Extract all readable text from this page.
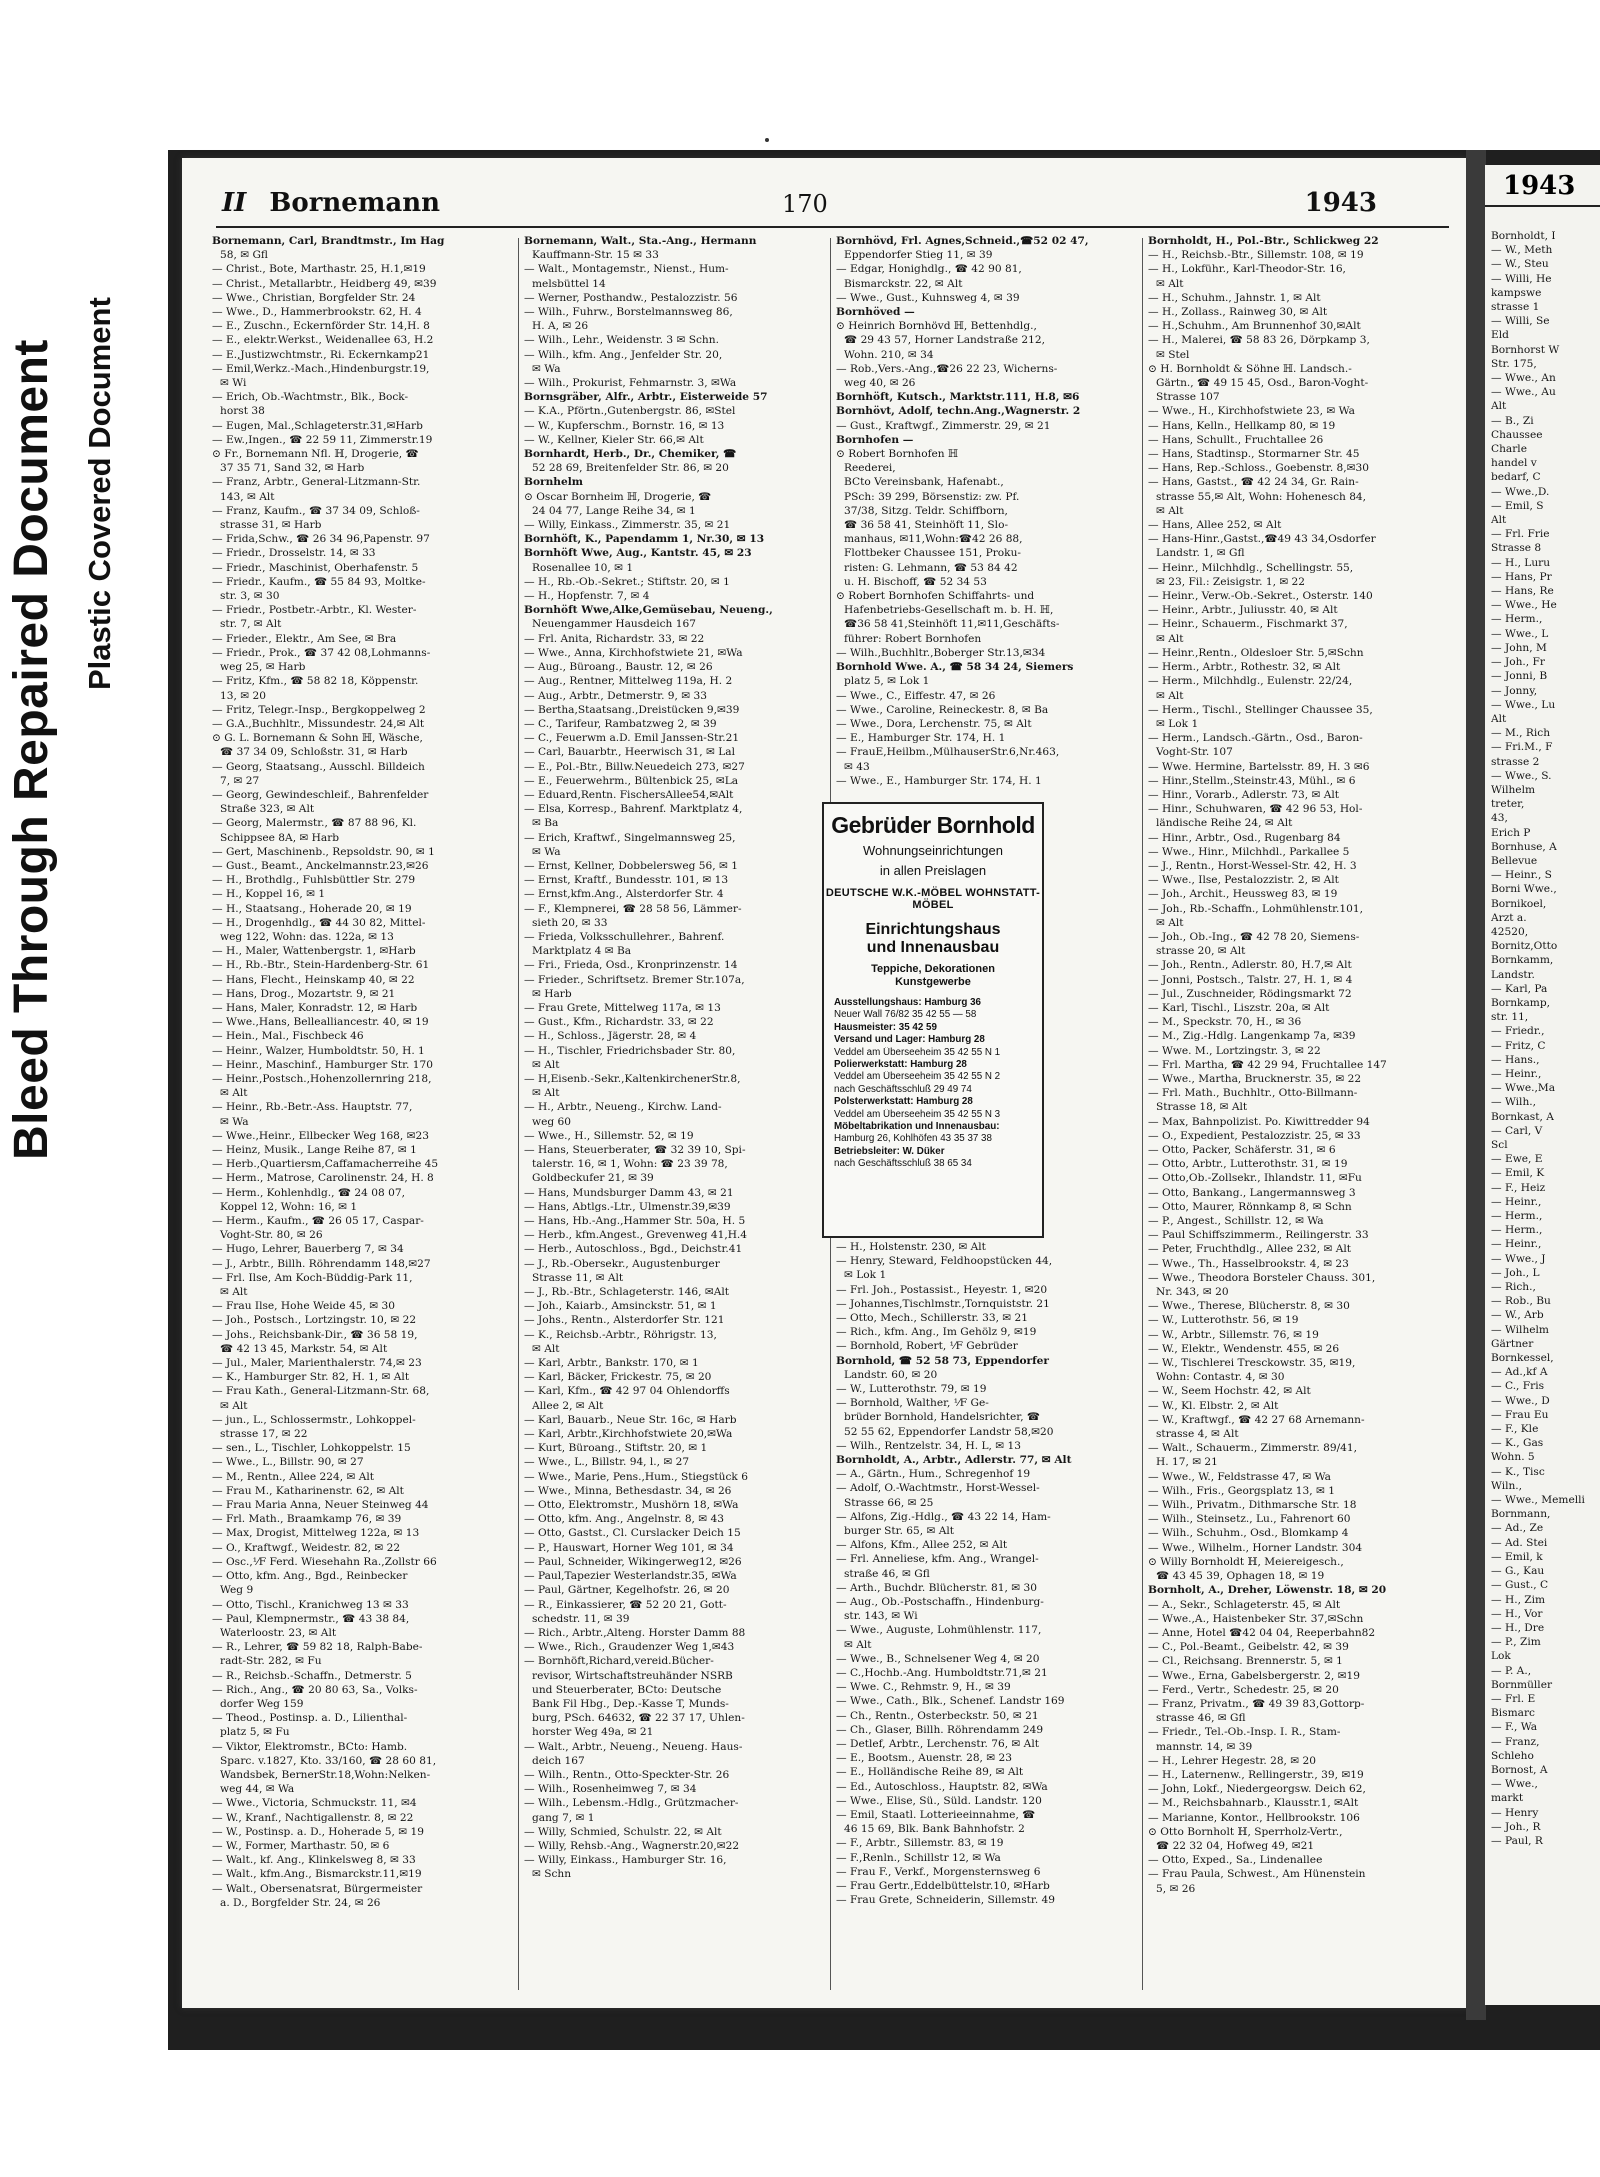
Bleed Through Repaired Document Plastic Covered Document
II Bornemann	170	1943
Bornemann, Carl, Brandtmstr., Im Hag
58, ✉ Gfl
— Christ., Bote, Marthastr. 25, H.1,✉19
— Christ., Metallarbtr., Heidberg 49, ✉39
— Wwe., Christian, Borgfelder Str. 24
— Wwe., D., Hammerbrookstr. 62, H. 4
— E., Zuschn., Eckernförder Str. 14,H. 8
— E., elektr.Werkst., Weidenallee 63, H.2
— E.,Justizwchtmstr., Ri. Eckernkamp21
— Emil,Werkz.-Mach.,Hindenburgstr.19,
✉ Wi
— Erich, Ob.-Wachtmstr., Blk., Bock-
horst 38
— Eugen, Mal.,Schlageterstr.31,✉Harb
— Ew.,Ingen., ☎ 22 59 11, Zimmerstr.19
⊙ Fr., Bornemann Nfl. ℍ, Drogerie, ☎
37 35 71, Sand 32, ✉ Harb
— Franz, Arbtr., General-Litzmann-Str.
143, ✉ Alt
— Franz, Kaufm., ☎ 37 34 09, Schloß-
strasse 31, ✉ Harb
— Frida,Schw., ☎ 26 34 96,Papenstr. 97
— Friedr., Drosselstr. 14, ✉ 33
— Friedr., Maschinist, Oberhafenstr. 5
— Friedr., Kaufm., ☎ 55 84 93, Moltke-
str. 3, ✉ 30
— Friedr., Postbetr.-Arbtr., Kl. Wester-
str. 7, ✉ Alt
— Frieder., Elektr., Am See, ✉ Bra
— Friedr., Prok., ☎ 37 42 08,Lohmanns-
weg 25, ✉ Harb
— Fritz, Kfm., ☎ 58 82 18, Köppenstr.
13, ✉ 20
— Fritz, Telegr.-Insp., Bergkoppelweg 2
— G.A.,Buchhltr., Missundestr. 24,✉ Alt
⊙ G. L. Bornemann & Sohn ℍ, Wäsche,
☎ 37 34 09, Schloßstr. 31, ✉ Harb
— Georg, Staatsang., Ausschl. Billdeich
7, ✉ 27
— Georg, Gewindeschleif., Bahrenfelder
Straße 323, ✉ Alt
— Georg, Malermstr., ☎ 87 88 96, Kl.
Schippsee 8A, ✉ Harb
— Gert, Maschinenb., Repsoldstr. 90, ✉ 1
— Gust., Beamt., Anckelmannstr.23,✉26
— H., Brothdlg., Fuhlsbüttler Str. 279
— H., Koppel 16, ✉ 1
— H., Staatsang., Hoherade 20, ✉ 19
— H., Drogenhdlg., ☎ 44 30 82, Mittel-
weg 122, Wohn: das. 122a, ✉ 13
— H., Maler, Wattenbergstr. 1, ✉Harb
— H., Rb.-Btr., Stein-Hardenberg-Str. 61
— Hans, Flecht., Heinskamp 40, ✉ 22
— Hans, Drog., Mozartstr. 9, ✉ 21
— Hans, Maler, Konradstr. 12, ✉ Harb
— Wwe.,Hans, Bellealliancestr. 40, ✉ 19
— Hein., Mal., Fischbeck 46
— Heinr., Walzer, Humboldtstr. 50, H. 1
— Heinr., Maschinf., Hamburger Str. 170
— Heinr.,Postsch.,Hohenzollernring 218,
✉ Alt
— Heinr., Rb.-Betr.-Ass. Hauptstr. 77,
✉ Wa
— Wwe.,Heinr., Ellbecker Weg 168, ✉23
— Heinz, Musik., Lange Reihe 87, ✉ 1
— Herb.,Quartiersm,Caffamacherreihe 45
— Herm., Matrose, Carolinenstr. 24, H. 8
— Herm., Kohlenhdlg., ☎ 24 08 07,
Koppel 12, Wohn: 16, ✉ 1
— Herm., Kaufm., ☎ 26 05 17, Caspar-
Voght-Str. 80, ✉ 26
— Hugo, Lehrer, Bauerberg 7, ✉ 34
— J., Arbtr., Billh. Röhrendamm 148,✉27
— Frl. Ilse, Am Koch-Büddig-Park 11,
✉ Alt
— Frau Ilse, Hohe Weide 45, ✉ 30
— Joh., Postsch., Lortzingstr. 10, ✉ 22
— Johs., Reichsbank-Dir., ☎ 36 58 19,
☎ 42 13 45, Markstr. 54, ✉ Alt
— Jul., Maler, Marienthalerstr. 74,✉ 23
— K., Hamburger Str. 82, H. 1, ✉ Alt
— Frau Kath., General-Litzmann-Str. 68,
✉ Alt
— jun., L., Schlossermstr., Lohkoppel-
strasse 17, ✉ 22
— sen., L., Tischler, Lohkoppelstr. 15
— Wwe., L., Billstr. 90, ✉ 27
— M., Rentn., Allee 224, ✉ Alt
— Frau M., Katharinenstr. 62, ✉ Alt
— Frau Maria Anna, Neuer Steinweg 44
— Frl. Math., Braamkamp 76, ✉ 39
— Max, Drogist, Mittelweg 122a, ✉ 13
— O., Kraftwgf., Weidestr. 82, ✉ 22
— Osc.,⅟F Ferd. Wiesehahn Ra.,Zollstr 66
— Otto, kfm. Ang., Bgd., Reinbecker
Weg 9
— Otto, Tischl., Kranichweg 13 ✉ 33
— Paul, Klempnermstr., ☎ 43 38 84,
Waterloostr. 23, ✉ Alt
— R., Lehrer, ☎ 59 82 18, Ralph-Babe-
radt-Str. 282, ✉ Fu
— R., Reichsb.-Schaffn., Detmerstr. 5
— Rich., Ang., ☎ 20 80 63, Sa., Volks-
dorfer Weg 159
— Theod., Postinsp. a. D., Lilienthal-
platz 5, ✉ Fu
— Viktor, Elektromstr., BCto: Hamb.
Sparc. v.1827, Kto. 33/160, ☎ 28 60 81,
Wandsbek, BernerStr.18,Wohn:Nelken-
weg 44, ✉ Wa
— Wwe., Victoria, Schmuckstr. 11, ✉4
— W., Kranf., Nachtigallenstr. 8, ✉ 22
— W., Postinsp. a. D., Hoherade 5, ✉ 19
— W., Former, Marthastr. 50, ✉ 6
— Walt., kf. Ang., Klinkelsweg 8, ✉ 33
— Walt., kfm.Ang., Bismarckstr.11,✉19
— Walt., Obersenatsrat, Bürgermeister
a. D., Borgfelder Str. 24, ✉ 26
Bornemann, Walt., Sta.-Ang., Hermann
Kauffmann-Str. 15 ✉ 33
— Walt., Montagemstr., Nienst., Hum-
melsbüttel 14
— Werner, Posthandw., Pestalozzistr. 56
— Wilh., Fuhrw., Borstelmannsweg 86,
H. A, ✉ 26
— Wilh., Lehr., Weidenstr. 3 ✉ Schn.
— Wilh., kfm. Ang., Jenfelder Str. 20,
✉ Wa
— Wilh., Prokurist, Fehmarnstr. 3, ✉Wa
Bornsgräber, Alfr., Arbtr., Eisterweide 57
— K.A., Pförtn.,Gutenbergstr. 86, ✉Stel
— W., Kupferschm., Bornstr. 16, ✉ 13
— W., Kellner, Kieler Str. 66,✉ Alt
Bornhardt, Herb., Dr., Chemiker, ☎
52 28 69, Breitenfelder Str. 86, ✉ 20
Bornhelm
⊙ Oscar Bornheim ℍ, Drogerie, ☎
24 04 77, Lange Reihe 34, ✉ 1
— Willy, Einkass., Zimmerstr. 35, ✉ 21
Bornhöft, K., Papendamm 1, Nr.30, ✉ 13
Bornhöft Wwe, Aug., Kantstr. 45, ✉ 23
Rosenallee 10, ✉ 1
— H., Rb.-Ob.-Sekret.; Stiftstr. 20, ✉ 1
— H., Hopfenstr. 7, ✉ 4
Bornhöft Wwe,Alke,Gemüsebau, Neueng.,
Neuengammer Hausdeich 167
— Frl. Anita, Richardstr. 33, ✉ 22
— Wwe., Anna, Kirchhofstwiete 21, ✉Wa
— Aug., Büroang., Baustr. 12, ✉ 26
— Aug., Rentner, Mittelweg 119a, H. 2
— Aug., Arbtr., Detmerstr. 9, ✉ 33
— Bertha,Staatsang.,Dreistücken 9,✉39
— C., Tarifeur, Rambatzweg 2, ✉ 39
— C., Feuerwm a.D. Emil Janssen-Str.21
— Carl, Bauarbtr., Heerwisch 31, ✉ Lal
— E., Pol.-Btr., Billw.Neuedeich 273, ✉27
— E., Feuerwehrm., Bültenbick 25, ✉La
— Eduard,Rentn. FischersAllee54,✉Alt
— Elsa, Korresp., Bahrenf. Marktplatz 4,
✉ Ba
— Erich, Kraftwf., Singelmannsweg 25,
✉ Wa
— Ernst, Kellner, Dobbelersweg 56, ✉ 1
— Ernst, Kraftf., Bundesstr. 101, ✉ 13
— Ernst,kfm.Ang., Alsterdorfer Str. 4
— F., Klempnerei, ☎ 28 58 56, Lämmer-
sieth 20, ✉ 33
— Frieda, Volksschullehrer., Bahrenf.
Marktplatz 4 ✉ Ba
— Fri., Frieda, Osd., Kronprinzenstr. 14
— Frieder., Schriftsetz. Bremer Str.107a,
✉ Harb
— Frau Grete, Mittelweg 117a, ✉ 13
— Gust., Kfm., Richardstr. 33, ✉ 22
— H., Schloss., Jägerstr. 28, ✉ 4
— H., Tischler, Friedrichsbader Str. 80,
✉ Alt
— H,Eisenb.-Sekr.,KaltenkirchenerStr.8,
✉ Alt
— H., Arbtr., Neueng., Kirchw. Land-
weg 60
— Wwe., H., Sillemstr. 52, ✉ 19
— Hans, Steuerberater, ☎ 32 39 10, Spi-
talerstr. 16, ✉ 1, Wohn: ☎ 23 39 78,
Goldbeckufer 21, ✉ 39
— Hans, Mundsburger Damm 43, ✉ 21
— Hans, Abtlgs.-Ltr., Ulmenstr.39,✉39
— Hans, Hb.-Ang.,Hammer Str. 50a, H. 5
— Herb., kfm.Angest., Grevenweg 41,H.4
— Herb., Autoschloss., Bgd., Deichstr.41
— J., Rb.-Obersekr., Augustenburger
Strasse 11, ✉ Alt
— J., Rb.-Btr., Schlageterstr. 146, ✉Alt
— Joh., Kaiarb., Amsinckstr. 51, ✉ 1
— Johs., Rentn., Alsterdorfer Str. 121
— K., Reichsb.-Arbtr., Röhrigstr. 13,
✉ Alt
— Karl, Arbtr., Bankstr. 170, ✉ 1
— Karl, Bäcker, Frickestr. 75, ✉ 20
— Karl, Kfm., ☎ 42 97 04 Ohlendorffs
Allee 2, ✉ Alt
— Karl, Bauarb., Neue Str. 16c, ✉ Harb
— Karl, Arbtr.,Kirchhofstwiete 20,✉Wa
— Kurt, Büroang., Stiftstr. 20, ✉ 1
— Wwe., L., Billstr. 94, l., ✉ 27
— Wwe., Marie, Pens.,Hum., Stiegstück 6
— Wwe., Minna, Bethesdastr. 34, ✉ 26
— Otto, Elektromstr., Mushörn 18, ✉Wa
— Otto, kfm. Ang., Angelnstr. 8, ✉ 43
— Otto, Gastst., Cl. Curslacker Deich 15
— P., Hauswart, Horner Weg 101, ✉ 34
— Paul, Schneider, Wikingerweg12, ✉26
— Paul,Tapezier Westerlandstr.35, ✉Wa
— Paul, Gärtner, Kegelhofstr. 26, ✉ 20
— R., Einkassierer, ☎ 52 20 21, Gott-
schedstr. 11, ✉ 39
— Rich., Arbtr.,Alteng. Horster Damm 88
— Wwe., Rich., Graudenzer Weg 1,✉43
— Bornhöft,Richard,vereid.Bücher-
revisor, Wirtschaftstreuhänder NSRB
und Steuerberater, BCto: Deutsche
Bank Fil Hbg., Dep.-Kasse T, Munds-
burg, PSch. 64632, ☎ 22 37 17, Uhlen-
horster Weg 49a, ✉ 21
— Walt., Arbtr., Neueng., Neueng. Haus-
deich 167
— Wilh., Rentn., Otto-Speckter-Str. 26
— Wilh., Rosenheimweg 7, ✉ 34
— Wilh., Lebensm.-Hdlg., Grützmacher-
gang 7, ✉ 1
— Willy, Schmied, Schulstr. 22, ✉ Alt
— Willy, Rehsb.-Ang., Wagnerstr.20,✉22
— Willy, Einkass., Hamburger Str. 16,
✉ Schn
Bornhövd, Frl. Agnes,Schneid.,☎52 02 47,
Eppendorfer Stieg 11, ✉ 39
— Edgar, Honighdlg., ☎ 42 90 81,
Bismarckstr. 22, ✉ Alt
— Wwe., Gust., Kuhnsweg 4, ✉ 39
Bornhöved —
⊙ Heinrich Bornhövd ℍ, Bettenhdlg.,
☎ 29 43 57, Horner Landstraße 212,
Wohn. 210, ✉ 34
— Rob.,Vers.-Ang.,☎26 22 23, Wicherns-
weg 40, ✉ 26
Bornhöft, Kutsch., Marktstr.111, H.8, ✉6
Bornhövt, Adolf, techn.Ang.,Wagnerstr. 2
— Gust., Kraftwgf., Zimmerstr. 29, ✉ 21
Bornhofen —
⊙ Robert Bornhofen ℍ
Reederei,
BCto Vereinsbank, Hafenabt.,
PSch: 39 299, Börsenstiz: zw. Pf.
37/38, Sitzg. Teldr. Schiffborn,
☎ 36 58 41, Steinhöft 11, Slo-
manhaus, ✉11,Wohn:☎42 26 88,
Flottbeker Chaussee 151, Proku-
risten: G. Lehmann, ☎ 53 84 42
u. H. Bischoff, ☎ 52 34 53
⊙ Robert Bornhofen Schiffahrts- und
Hafenbetriebs-Gesellschaft m. b. H. ℍ,
☎36 58 41,Steinhöft 11,✉11,Geschäfts-
führer: Robert Bornhofen
— Wilh.,Buchhltr.,Boberger Str.13,✉34
Bornhold Wwe. A., ☎ 58 34 24, Siemers
platz 5, ✉ Lok 1
— Wwe., C., Eiffestr. 47, ✉ 26
— Wwe., Caroline, Reineckestr. 8, ✉ Ba
— Wwe., Dora, Lerchenstr. 75, ✉ Alt
— E., Hamburger Str. 174, H. 1
— FrauE,Heilbm.,MülhauserStr.6,Nr.463,
✉ 43
— Wwe., E., Hamburger Str. 174, H. 1
— H., Holstenstr. 230, ✉ Alt
— Henry, Steward, Feldhoopstücken 44,
✉ Lok 1
— Frl. Joh., Postassist., Heyestr. 1, ✉20
— Johannes,Tischlmstr.,Tornquiststr. 21
— Otto, Mech., Schillerstr. 33, ✉ 21
— Rich., kfm. Ang., Im Gehölz 9, ✉19
— Bornhold, Robert, ⅟F Gebrüder
Bornhold, ☎ 52 58 73, Eppendorfer
Landstr. 60, ✉ 20
— W., Lutterothstr. 79, ✉ 19
— Bornhold, Walther, ⅟F Ge-
brüder Bornhold, Handelsrichter, ☎
52 55 62, Eppendorfer Landstr 58,✉20
— Wilh., Rentzelstr. 34, H. L, ✉ 13
Bornholdt, A., Arbtr., Adlerstr. 77, ✉ Alt
— A., Gärtn., Hum., Schregenhof 19
— Adolf, O.-Wachtmstr., Horst-Wessel-
Strasse 66, ✉ 25
— Alfons, Zig.-Hdlg., ☎ 43 22 14, Ham-
burger Str. 65, ✉ Alt
— Alfons, Kfm., Allee 252, ✉ Alt
— Frl. Anneliese, kfm. Ang., Wrangel-
straße 46, ✉ Gfl
— Arth., Buchdr. Blücherstr. 81, ✉ 30
— Aug., Ob.-Postschaffn., Hindenburg-
str. 143, ✉ Wi
— Wwe., Auguste, Lohmühlenstr. 117,
✉ Alt
— Wwe., B., Schnelsener Weg 4, ✉ 20
— C.,Hochb.-Ang. Humboldtstr.71,✉ 21
— Wwe. C., Rehmstr. 9, H., ✉ 39
— Wwe., Cath., Blk., Schenef. Landstr 169
— Ch., Rentn., Osterbeckstr. 50, ✉ 21
— Ch., Glaser, Billh. Röhrendamm 249
— Detlef, Arbtr., Lerchenstr. 76, ✉ Alt
— E., Bootsm., Auenstr. 28, ✉ 23
— E., Holländische Reihe 89, ✉ Alt
— Ed., Autoschloss., Hauptstr. 82, ✉Wa
— Wwe., Elise, Sü., Süld. Landstr. 120
— Emil, Staatl. Lotterieeinnahme, ☎
46 15 69, Blk. Bank Bahnhofstr. 2
— F., Arbtr., Sillemstr. 83, ✉ 19
— F.,Renln., Schillstr 12, ✉ Wa
— Frau F., Verkf., Morgensternsweg 6
— Frau Gertr.,Eddelbüttelstr.10, ✉Harb
— Frau Grete, Schneiderin, Sillemstr. 49
Bornholdt, H., Pol.-Btr., Schlickweg 22
— H., Reichsb.-Btr., Sillemstr. 108, ✉ 19
— H., Lokführ., Karl-Theodor-Str. 16,
✉ Alt
— H., Schuhm., Jahnstr. 1, ✉ Alt
— H., Zollass., Rainweg 30, ✉ Alt
— H.,Schuhm., Am Brunnenhof 30,✉Alt
— H., Malerei, ☎ 58 83 26, Dörpkamp 3,
✉ Stel
⊙ H. Bornholdt & Söhne ℍ. Landsch.-
Gärtn., ☎ 49 15 45, Osd., Baron-Voght-
Strasse 107
— Wwe., H., Kirchhofstwiete 23, ✉ Wa
— Hans, Kelln., Hellkamp 80, ✉ 19
— Hans, Schullt., Fruchtallee 26
— Hans, Stadtinsp., Stormarner Str. 45
— Hans, Rep.-Schloss., Goebenstr. 8,✉30
— Hans, Gastst., ☎ 42 24 34, Gr. Rain-
strasse 55,✉ Alt, Wohn: Hohenesch 84,
✉ Alt
— Hans, Allee 252, ✉ Alt
— Hans-Hinr.,Gastst.,☎49 43 34,Osdorfer
Landstr. 1, ✉ Gfl
— Heinr., Milchhdlg., Schellingstr. 55,
✉ 23, Fil.: Zeisigstr. 1, ✉ 22
— Heinr., Verw.-Ob.-Sekret., Osterstr. 140
— Heinr., Arbtr., Juliusstr. 40, ✉ Alt
— Heinr., Schauerm., Fischmarkt 37,
✉ Alt
— Heinr.,Rentn., Oldesloer Str. 5,✉Schn
— Herm., Arbtr., Rothestr. 32, ✉ Alt
— Herm., Milchhdlg., Eulenstr. 22/24,
✉ Alt
— Herm., Tischl., Stellinger Chaussee 35,
✉ Lok 1
— Herm., Landsch.-Gärtn., Osd., Baron-
Voght-Str. 107
— Wwe. Hermine, Bartelsstr. 89, H. 3 ✉6
— Hinr.,Stellm.,Steinstr.43, Mühl., ✉ 6
— Hinr., Vorarb., Adlerstr. 73, ✉ Alt
— Hinr., Schuhwaren, ☎ 42 96 53, Hol-
ländische Reihe 24, ✉ Alt
— Hinr., Arbtr., Osd., Rugenbarg 84
— Wwe., Hinr., Milchhdl., Parkallee 5
— J., Rentn., Horst-Wessel-Str. 42, H. 3
— Wwe., Ilse, Pestalozzistr. 2, ✉ Alt
— Joh., Archit., Heussweg 83, ✉ 19
— Joh., Rb.-Schaffn., Lohmühlenstr.101,
✉ Alt
— Joh., Ob.-Ing., ☎ 42 78 20, Siemens-
strasse 20, ✉ Alt
— Joh., Rentn., Adlerstr. 80, H.7,✉ Alt
— Jonni, Postsch., Talstr. 27, H. 1, ✉ 4
— Jul., Zuschneider, Rödingsmarkt 72
— Karl, Tischl., Liszstr. 20a, ✉ Alt
— M., Speckstr. 70, H., ✉ 36
— M., Zig.-Hdlg. Langenkamp 7a, ✉39
— Wwe. M., Lortzingstr. 3, ✉ 22
— Frl. Martha, ☎ 42 29 94, Fruchtallee 147
— Wwe., Martha, Brucknerstr. 35, ✉ 22
— Frl. Math., Buchhltr., Otto-Billmann-
Strasse 18, ✉ Alt
— Max, Bahnpolizist. Po. Kiwittredder 94
— O., Expedient, Pestalozzistr. 25, ✉ 33
— Otto, Packer, Schäferstr. 31, ✉ 6
— Otto, Arbtr., Lutterothstr. 31, ✉ 19
— Otto,Ob.-Zollsekr., Ihlandstr. 11, ✉Fu
— Otto, Bankang., Langermannsweg 3
— Otto, Maurer, Rönnkamp 8, ✉ Schn
— P., Angest., Schillstr. 12, ✉ Wa
— Paul Schiffszimmerm., Reilingerstr. 33
— Peter, Fruchthdlg., Allee 232, ✉ Alt
— Wwe., Th., Hasselbrookstr. 4, ✉ 23
— Wwe., Theodora Borsteler Chauss. 301,
Nr. 343, ✉ 20
— Wwe., Therese, Blücherstr. 8, ✉ 30
— W., Lutterothstr. 56, ✉ 19
— W., Arbtr., Sillemstr. 76, ✉ 19
— W., Elektr., Wendenstr. 455, ✉ 26
— W., Tischlerei Tresckowstr. 35, ✉19,
Wohn: Contastr. 4, ✉ 30
— W., Seem Hochstr. 42, ✉ Alt
— W., Kl. Elbstr. 2, ✉ Alt
— W., Kraftwgf., ☎ 42 27 68 Arnemann-
strasse 4, ✉ Alt
— Walt., Schauerm., Zimmerstr. 89/41,
H. 17, ✉ 21
— Wwe., W., Feldstrasse 47, ✉ Wa
— Wilh., Fris., Georgsplatz 13, ✉ 1
— Wilh., Privatm., Dithmarsche Str. 18
— Wilh., Steinsetz., Lu., Fahrenort 60
— Wilh., Schuhm., Osd., Blomkamp 4
— Wwe., Wilhelm., Horner Landstr. 304
⊙ Willy Bornholdt ℍ, Meiereigesch.,
☎ 43 45 39, Ophagen 18, ✉ 19
Bornholt, A., Dreher, Löwenstr. 18, ✉ 20
— A., Sekr., Schlageterstr. 45, ✉ Alt
— Wwe.,A., Haistenbeker Str. 37,✉Schn
— Anne, Hotel ☎42 04 04, Reeperbahn82
— C., Pol.-Beamt., Geibelstr. 42, ✉ 39
— Cl., Reichsang. Brennerstr. 5, ✉ 1
— Wwe., Erna, Gabelsbergerstr. 2, ✉19
— Ferd., Vertr., Schedestr. 25, ✉ 20
— Franz, Privatm., ☎ 49 39 83,Gottorp-
strasse 46, ✉ Gfl
— Friedr., Tel.-Ob.-Insp. I. R., Stam-
mannstr. 14, ✉ 39
— H., Lehrer Hegestr. 28, ✉ 20
— H., Laternenw., Rellingerstr., 39, ✉19
— John, Lokf., Niedergeorgsw. Deich 62,
— M., Reichsbahnarb., Klausstr.1, ✉Alt
— Marianne, Kontor., Hellbrookstr. 106
⊙ Otto Bornholt ℍ, Sperrholz-Vertr.,
☎ 22 32 04, Hofweg 49, ✉21
— Otto, Exped., Sa., Lindenallee
— Frau Paula, Schwest., Am Hünenstein
5, ✉ 26
Gebrüder Bornhold
Wohnungseinrichtungen
in allen Preislagen
DEUTSCHE W.K.-MÖBEL WOHNSTATT-MÖBEL
Einrichtungshaus
und Innenausbau
Teppiche, Dekorationen
Kunstgewerbe
Ausstellungshaus: Hamburg 36
Neuer Wall 76/82 35 42 55 — 58
Hausmeister: 35 42 59
Versand und Lager: Hamburg 28
Veddel am Überseeheim 35 42 55 N 1
Polierwerkstatt: Hamburg 28
Veddel am Überseeheim 35 42 55 N 2
nach Geschäftsschluß 29 49 74
Polsterwerkstatt: Hamburg 28
Veddel am Überseeheim 35 42 55 N 3
Möbeltabrikation und Innenausbau:
Hamburg 26, Kohlhöfen 43 35 37 38
Betriebsleiter: W. Düker
nach Geschäftsschluß 38 65 34
1943
Bornholdt, I
— W., Meth
— W., Steu
— Willi, He
kampswe
strasse 1
— Willi, Se
Eld
Bornhorst W
Str. 175,
— Wwe., An
— Wwe., Au
Alt
— B., Zi
Chaussee
Charle
handel v
bedarf, C
— Wwe.,D.
— Emil, S
Alt
— Frl. Frie
Strasse 8
— H., Luru
— Hans, Pr
— Hans, Re
— Wwe., He
— Herm.,
— Wwe., L
— John, M
— Joh., Fr
— Jonni, B
— Jonny,
— Wwe., Lu
Alt
— M., Rich
— Fri.M., F
strasse 2
— Wwe., S.
Wilhelm
treter,
43,
Erich P
Bornhuse, A
Bellevue
— Heinr., S
Borni Wwe.,
Bornikoel,
Arzt a.
42520,
Bornitz,Otto
Bornkamm,
Landstr.
— Karl, Pa
Bornkamp,
str. 11,
— Friedr.,
— Fritz, C
— Hans.,
— Heinr.,
— Wwe.,Ma
— Wilh.,
Bornkast, A
— Carl, V
Scl
— Ewe, E
— Emil, K
— F., Heiz
— Heinr.,
— Herm.,
— Herm.,
— Heinr.,
— Wwe., J
— Joh., L
— Rich.,
— Rob., Bu
— W., Arb
— Wilhelm
Gärtner
Bornkessel,
— Ad.,kf A
— C., Fris
— Wwe., D
— Frau Eu
— F., Kle
— K., Gas
Wohn. 5
— K., Tisc
Wiln.,
— Wwe., Memelli
Bornmann,
— Ad., Ze
— Ad. Stei
— Emil, k
— G., Kau
— Gust., C
— H., Zim
— H., Vor
— H., Dre
— P., Zim
Lok
— P. A.,
Bornmüller
— Frl. E
Bismarc
— F., Wa
— Franz,
Schleho
Bornost, A
— Wwe.,
markt
— Henry
— Joh., R
— Paul, R
